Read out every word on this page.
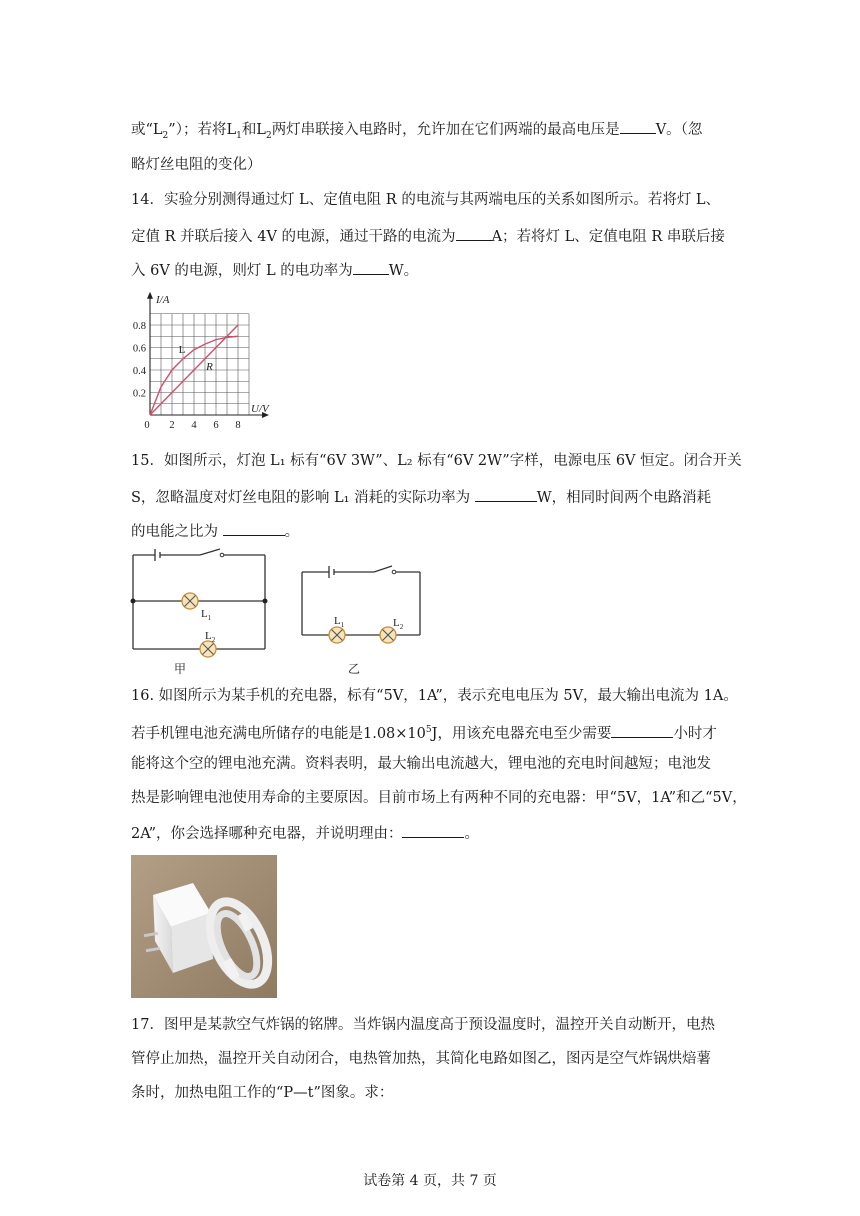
或“$L_2$”）；若将$L_1$和$L_2$两灯串联接入电路时，允许加在它们两端的最高电压是 V。（忽
略灯丝电阻的变化）
14．实验分别测得通过灯 L、定值电阻 R 的电流与其两端电压的关系如图所示。若将灯 L、
定值 R 并联后接入 4V 的电源，通过干路的电流为 A；若将灯 L、定值电阻 R 串联后接
入 6V 的电源，则灯 L 的电功率为 W。
0 2 4 6 8
0.2
0.4
0.6
0.8
U/V
I/A
L
R
15．如图所示，灯泡 L₁ 标有“6V 3W”、L₂ 标有“6V 2W”字样，电源电压 6V 恒定。闭合开关
S，忽略温度对灯丝电阻的影响 L₁ 消耗的实际功率为	W，相同时间两个电路消耗
的电能之比为	。
$L_1$
$L_2$
甲
$L_1$	$L_2$
乙
16. 如图所示为某手机的充电器，标有“5V，1A”，表示充电电压为 5V，最大输出电流为 1A。
若手机锂电池充满电所储存的电能是$1.08\times 10^5J$，用该充电器充电至少需要	小时才
能将这个空的锂电池充满。资料表明，最大输出电流越大，锂电池的充电时间越短；电池发
热是影响锂电池使用寿命的主要原因。目前市场上有两种不同的充电器：甲“5V，1A”和乙“5V，
2A”，你会选择哪种充电器，并说明理由：	。
17．图甲是某款空气炸锅的铭牌。当炸锅内温度高于预设温度时，温控开关自动断开，电热
管停止加热，温控开关自动闭合，电热管加热，其简化电路如图乙，图丙是空气炸锅烘焙薯
条时，加热电阻工作的“P—t”图象。求：
试卷第 4 页，共 7 页
